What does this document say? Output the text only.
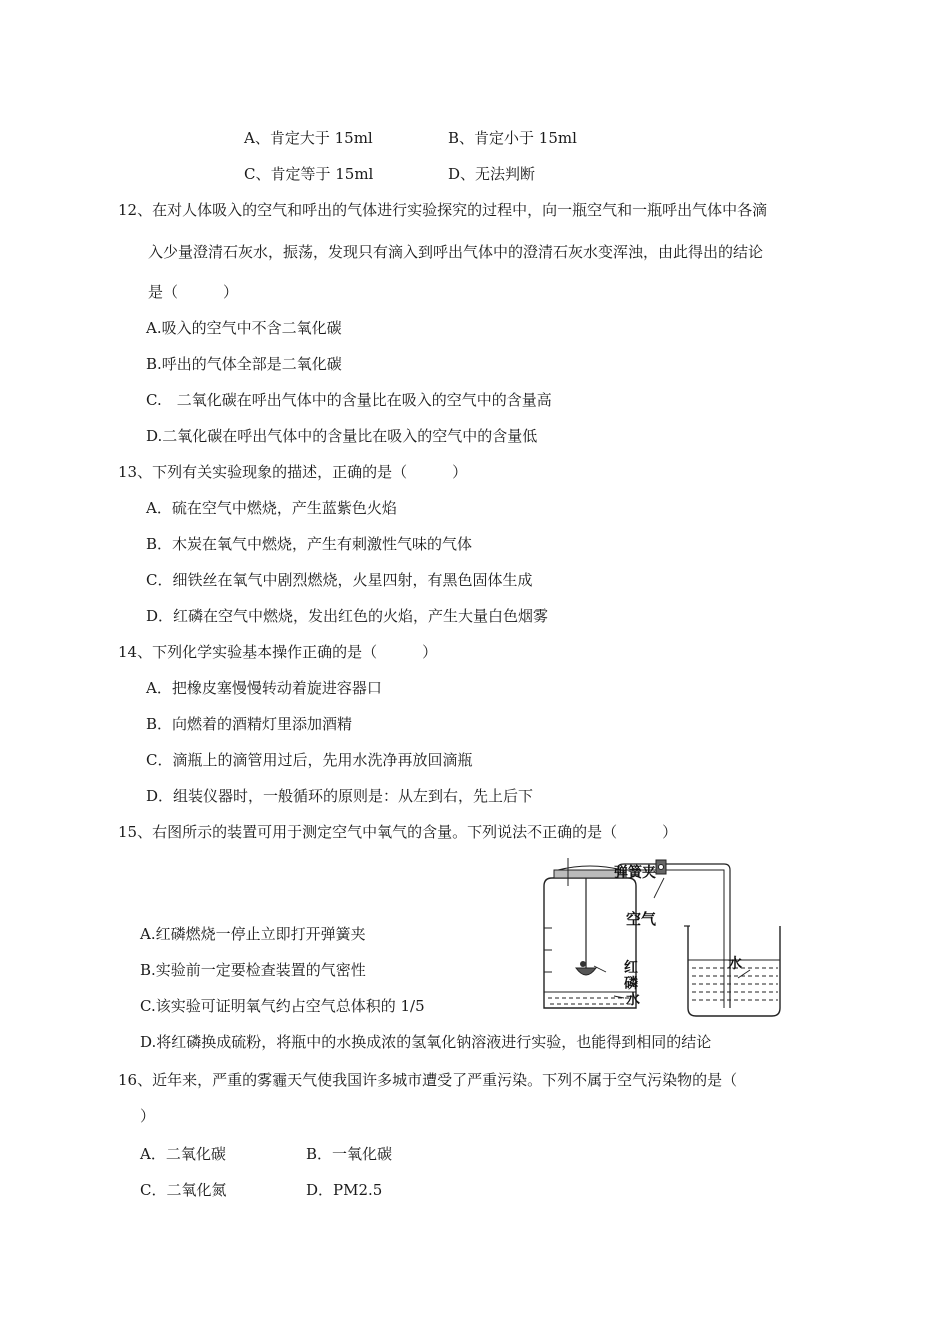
A、肯定大于 15ml	B、肯定小于 15ml
C、肯定等于 15ml	D、无法判断
12、在对人体吸入的空气和呼出的气体进行实验探究的过程中，向一瓶空气和一瓶呼出气体中各滴
入少量澄清石灰水，振荡，发现只有滴入到呼出气体中的澄清石灰水变浑浊，由此得出的结论
是（　　　）
A.吸入的空气中不含二氧化碳
B.呼出的气体全部是二氧化碳
C.　二氧化碳在呼出气体中的含量比在吸入的空气中的含量高
D.二氧化碳在呼出气体中的含量比在吸入的空气中的含量低
13、下列有关实验现象的描述，正确的是（　　　）
A．硫在空气中燃烧，产生蓝紫色火焰
B．木炭在氧气中燃烧，产生有刺激性气味的气体
C．细铁丝在氧气中剧烈燃烧，火星四射，有黑色固体生成
D．红磷在空气中燃烧，发出红色的火焰，产生大量白色烟雾
14、下列化学实验基本操作正确的是（　　　）
A．把橡皮塞慢慢转动着旋进容器口
B．向燃着的酒精灯里添加酒精
C．滴瓶上的滴管用过后，先用水洗净再放回滴瓶
D．组装仪器时，一般循环的原则是：从左到右，先上后下
15、右图所示的装置可用于测定空气中氧气的含量。下列说法不正确的是（　　　）
A.红磷燃烧一停止立即打开弹簧夹
B.实验前一定要检查装置的气密性
C.该实验可证明氧气约占空气总体积的 1/5
D.将红磷换成硫粉，将瓶中的水换成浓的氢氧化钠溶液进行实验，也能得到相同的结论
弹簧夹
空气
红
磷
水
水
16、近年来，严重的雾霾天气使我国许多城市遭受了严重污染。下列不属于空气污染物的是（
）
A．二氧化碳	B．一氧化碳
C．二氧化氮	D．PM2.5
